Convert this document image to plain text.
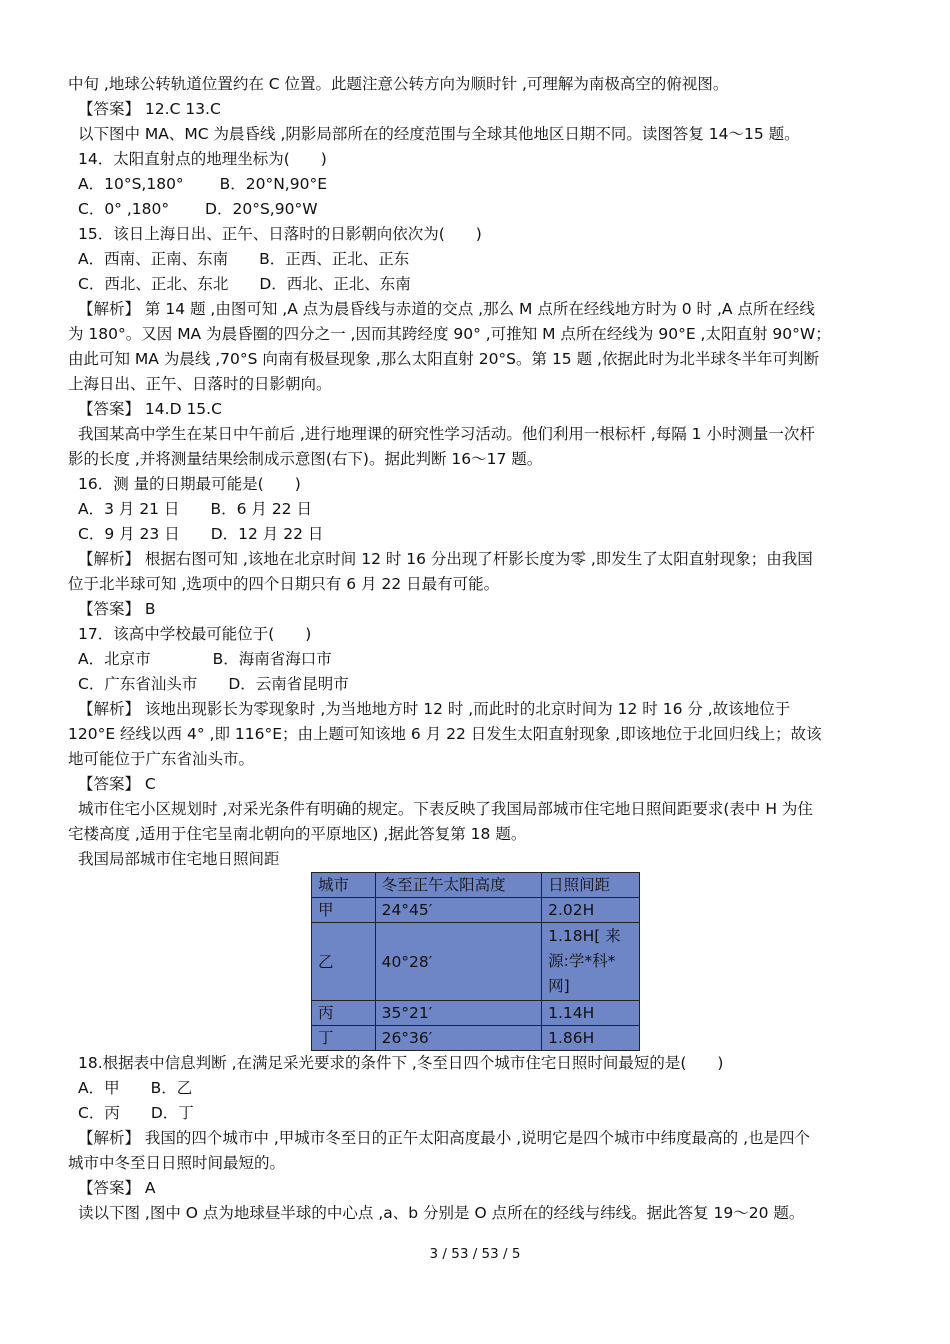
中旬 ,地球公转轨道位置约在 C 位置。此题注意公转方向为顺时针 ,可理解为南极高空的俯视图。
【答案】 12.C 13.C
以下图中 MA、MC 为晨昏线 ,阴影局部所在的经度范围与全球其他地区日期不同。读图答复 14～15 题。
14．太阳直射点的地理坐标为(　　)
A．10°S,180°　　 B．20°N,90°E
C．0° ,180°　　 D．20°S,90°W
15．该日上海日出、正午、日落时的日影朝向依次为(　　)
A．西南、正南、东南　　B．正西、正北、正东
C．西北、正北、东北　　D．西北、正北、东南
【解析】 第 14 题 ,由图可知 ,A 点为晨昏线与赤道的交点 ,那么 M 点所在经线地方时为 0 时 ,A 点所在经线
为 180°。又因 MA 为晨昏圈的四分之一 ,因而其跨经度 90° ,可推知 M 点所在经线为 90°E ,太阳直射 90°W；
由此可知 MA 为晨线 ,70°S 向南有极昼现象 ,那么太阳直射 20°S。第 15 题 ,依据此时为北半球冬半年可判断
上海日出、正午、日落时的日影朝向。
【答案】 14.D 15.C
我国某高中学生在某日中午前后 ,进行地理课的研究性学习活动。他们利用一根标杆 ,每隔 1 小时测量一次杆
影的长度 ,并将测量结果绘制成示意图(右下)。据此判断 16～17 题。
16．测 量的日期最可能是(　　)
A．3 月 21 日　　B．6 月 22 日
C．9 月 23 日　　D．12 月 22 日
【解析】 根据右图可知 ,该地在北京时间 12 时 16 分出现了杆影长度为零 ,即发生了太阳直射现象；由我国
位于北半球可知 ,选项中的四个日期只有 6 月 22 日最有可能。
【答案】 B
17．该高中学校最可能位于(　　)
A．北京市　　　　B．海南省海口市
C．广东省汕头市　　D．云南省昆明市
【解析】 该地出现影长为零现象时 ,为当地地方时 12 时 ,而此时的北京时间为 12 时 16 分 ,故该地位于
120°E 经线以西 4° ,即 116°E；由上题可知该地 6 月 22 日发生太阳直射现象 ,即该地位于北回归线上；故该
地可能位于广东省汕头市。
【答案】 C
城市住宅小区规划时 ,对采光条件有明确的规定。下表反映了我国局部城市住宅地日照间距要求(表中 H 为住
宅楼高度 ,适用于住宅呈南北朝向的平原地区) ,据此答复第 18 题。
我国局部城市住宅地日照间距
城市	冬至正午太阳高度	日照间距
甲	24°45′	2.02H
乙	40°28′	1.18H[ 来源:学*科*网]
丙	35°21′	1.14H
丁	26°36′	1.86H
18.根据表中信息判断 ,在满足采光要求的条件下 ,冬至日四个城市住宅日照时间最短的是(　　)
A．甲　　B．乙
C．丙　　D．丁
【解析】 我国的四个城市中 ,甲城市冬至日的正午太阳高度最小 ,说明它是四个城市中纬度最高的 ,也是四个
城市中冬至日日照时间最短的。
【答案】 A
读以下图 ,图中 O 点为地球昼半球的中心点 ,a、b 分别是 O 点所在的经线与纬线。据此答复 19～20 题。
3 / 53 / 53 / 5
